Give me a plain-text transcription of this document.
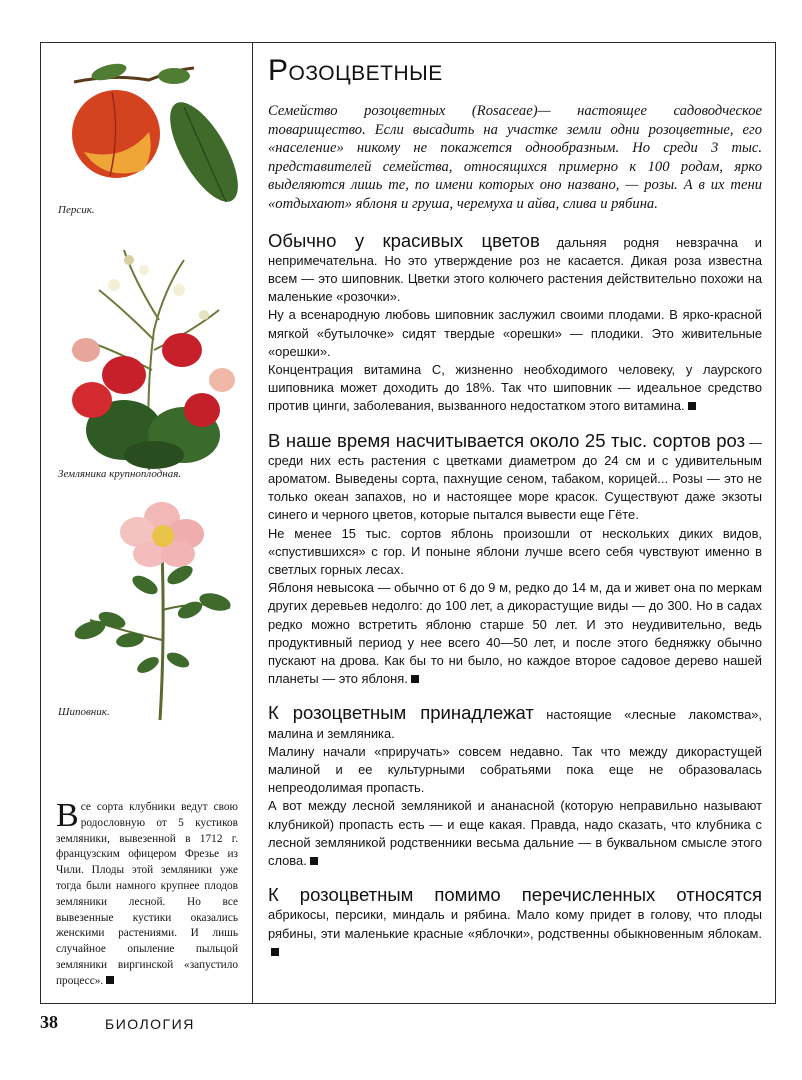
Персик.
Земляника крупноплодная.
Шиповник.
Все сорта клубники ведут свою родословную от 5 кустиков земляники, вывезенной в 1712 г. французским офицером Фрезье из Чили. Плоды этой земляники уже тогда были намного крупнее плодов земляники лесной. Но все вывезенные кустики оказались женскими растениями. И лишь случайное опыление пыльцой земляники виргинской «запустило процесс».
Розоцветные

Семейство розоцветных (Rosaceae)— настоящее садоводческое товарищество. Если высадить на участке земли одни розоцветные, его «население» никому не покажется однообразным. Но среди 3 тыс. представителей семейства, относящихся примерно к 100 родам, ярко выделяются лишь те, по имени которых оно названо, — розы. А в их тени «отдыхают» яблоня и груша, черемуха и айва, слива и рябина.

Обычно у красивых цветов дальняя родня невзрачна и непримечательна. Но это утверждение роз не касается. Дикая роза известна всем — это шиповник. Цветки этого колючего растения действительно похожи на маленькие «розочки».

Ну а всенародную любовь шиповник заслужил своими плодами. В ярко-красной мягкой «бутылочке» сидят твердые «орешки» — плодики. Это живительные «орешки».

Концентрация витамина С, жизненно необходимого человеку, у лаурского шиповника может доходить до 18%. Так что шиповник — идеальное средство против цинги, заболевания, вызванного недостатком этого витамина.

В наше время насчитывается около 25 тыс. сортов роз — среди них есть растения с цветками диаметром до 24 см и с удивительным ароматом. Выведены сорта, пахнущие сеном, табаком, корицей... Розы — это не только океан запахов, но и настоящее море красок. Существуют даже экзоты синего и черного цветов, которые пытался вывести еще Гёте.

Не менее 15 тыс. сортов яблонь произошли от нескольких диких видов, «спустившихся» с гор. И поныне яблони лучше всего себя чувствуют именно в светлых горных лесах.

Яблоня невысока — обычно от 6 до 9 м, редко до 14 м, да и живет она по меркам других деревьев недолго: до 100 лет, а дикорастущие виды — до 300. Но в садах редко можно встретить яблоню старше 50 лет. И это неудивительно, ведь продуктивный период у нее всего 40—50 лет, и после этого бедняжку обычно пускают на дрова. Как бы то ни было, но каждое второе садовое дерево нашей планеты — это яблоня.

К розоцветным принадлежат настоящие «лесные лакомства», малина и земляника.

Малину начали «приручать» совсем недавно. Так что между дикорастущей малиной и ее культурными собратьями пока еще не образовалась непреодолимая пропасть.

А вот между лесной земляникой и ананасной (которую неправильно называют клубникой) пропасть есть — и еще какая. Правда, надо сказать, что клубника с лесной земляникой родственники весьма дальние — в буквальном смысле этого слова.

К розоцветным помимо перечисленных относятся абрикосы, персики, миндаль и рябина. Мало кому придет в голову, что плоды рябины, эти маленькие красные «яблочки», родственны обыкновенным яблокам.

38	БИОЛОГИЯ
